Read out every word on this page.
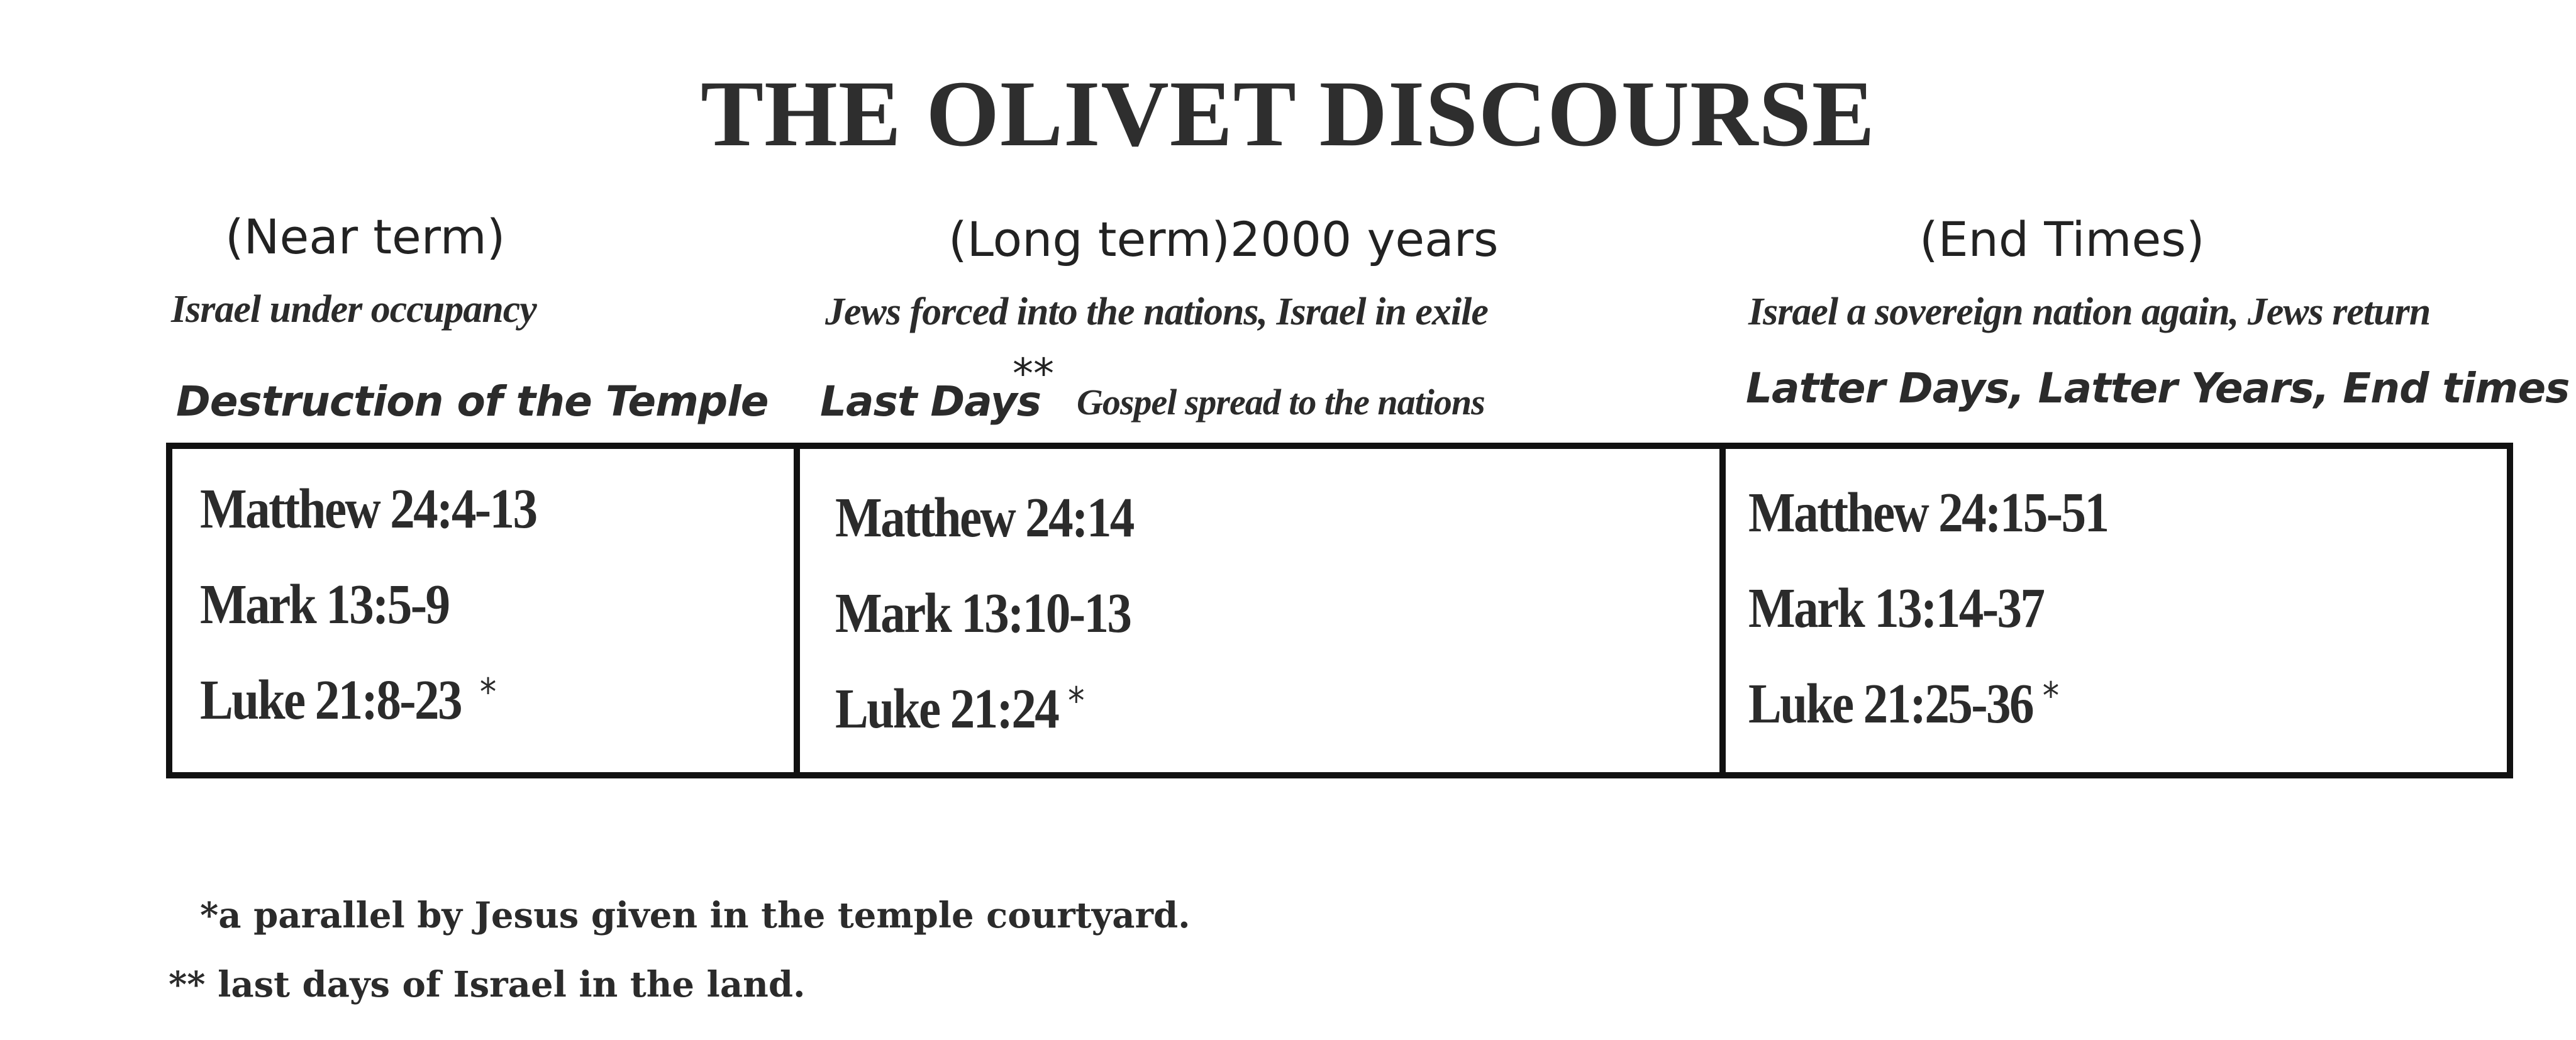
THE OLIVET DISCOURSE
(Near term)
Israel under occupancy
Destruction of the Temple
(Long term)2000 years
Jews forced into the nations, Israel in exile
Last Days
**
Gospel spread to the nations
(End Times)
Israel a sovereign nation again, Jews return
Latter Days, Latter Years, End times
Matthew 24:4-13
Mark 13:5-9
Luke 21:8-23 *
Matthew 24:14
Mark 13:10-13
Luke 21:24 *
Matthew 24:15-51
Mark 13:14-37
Luke 21:25-36 *
*a parallel by Jesus given in the temple courtyard.
** last days of Israel in the land.
